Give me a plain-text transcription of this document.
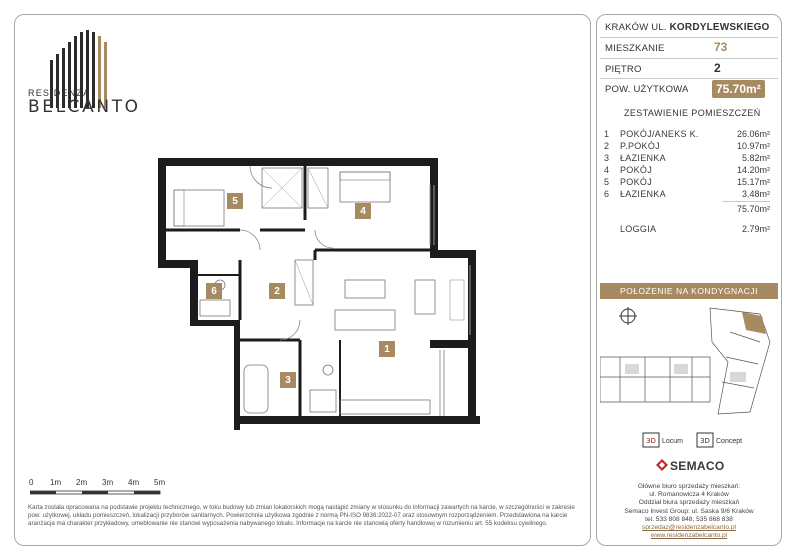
RESIDENZA
BELCANTO
5
4
6	2
1
3
0 1m 2m 3m 4m 5m
Karta została opracowana na podstawie projektu technicznego, w toku budowy lub zmian lokatorskich mogą nastąpić zmiany w stosunku do informacji zawartych na karcie, w szczególności w zakresie pow. użytkowej, układu pomieszczeń, lokalizacji przyborów sanitarnych. Powierzchnia użytkowa zgodnie z normą PN-ISO 9836:2022-07 oraz stosownym rozporządzeniem. Przedstawiona na karcie aranżacja ma charakter przykładowy, umeblowanie nie stanowi wyposażenia nabywanego lokalu. Informacje na karcie nie stanowią oferty handlowej w rozumieniu art. 55 kodeksu cywilnego.
KRAKÓW UL. KORDYLEWSKIEGO
MIESZKANIE	73
PIĘTRO	2
POW. UŻYTKOWA	75.70m²
ZESTAWIENIE POMIESZCZEŃ
1 POKÓJ/ANEKS K.	26.06m²
2 P.POKÓJ	10.97m²
3 ŁAZIENKA	5.82m²
4 POKÓJ	14.20m²
5 POKÓJ	15.17m²
6 ŁAZIENKA	3.48m²
75.70m²
LOGGIA	2.79m²
POŁOŻENIE NA KONDYGNACJI
3D Locum 3D Concept
SEMACO
Główne biuro sprzedaży mieszkań:
ul. Romanowicza 4 Kraków
Oddział biura sprzedaży mieszkań
Semaco Invest Group: ul. Saska 9/6 Kraków
tel. 533 808 848, 535 868 838
sprzedaz@residenzabelcanto.pl
www.residenzabelcanto.pl
